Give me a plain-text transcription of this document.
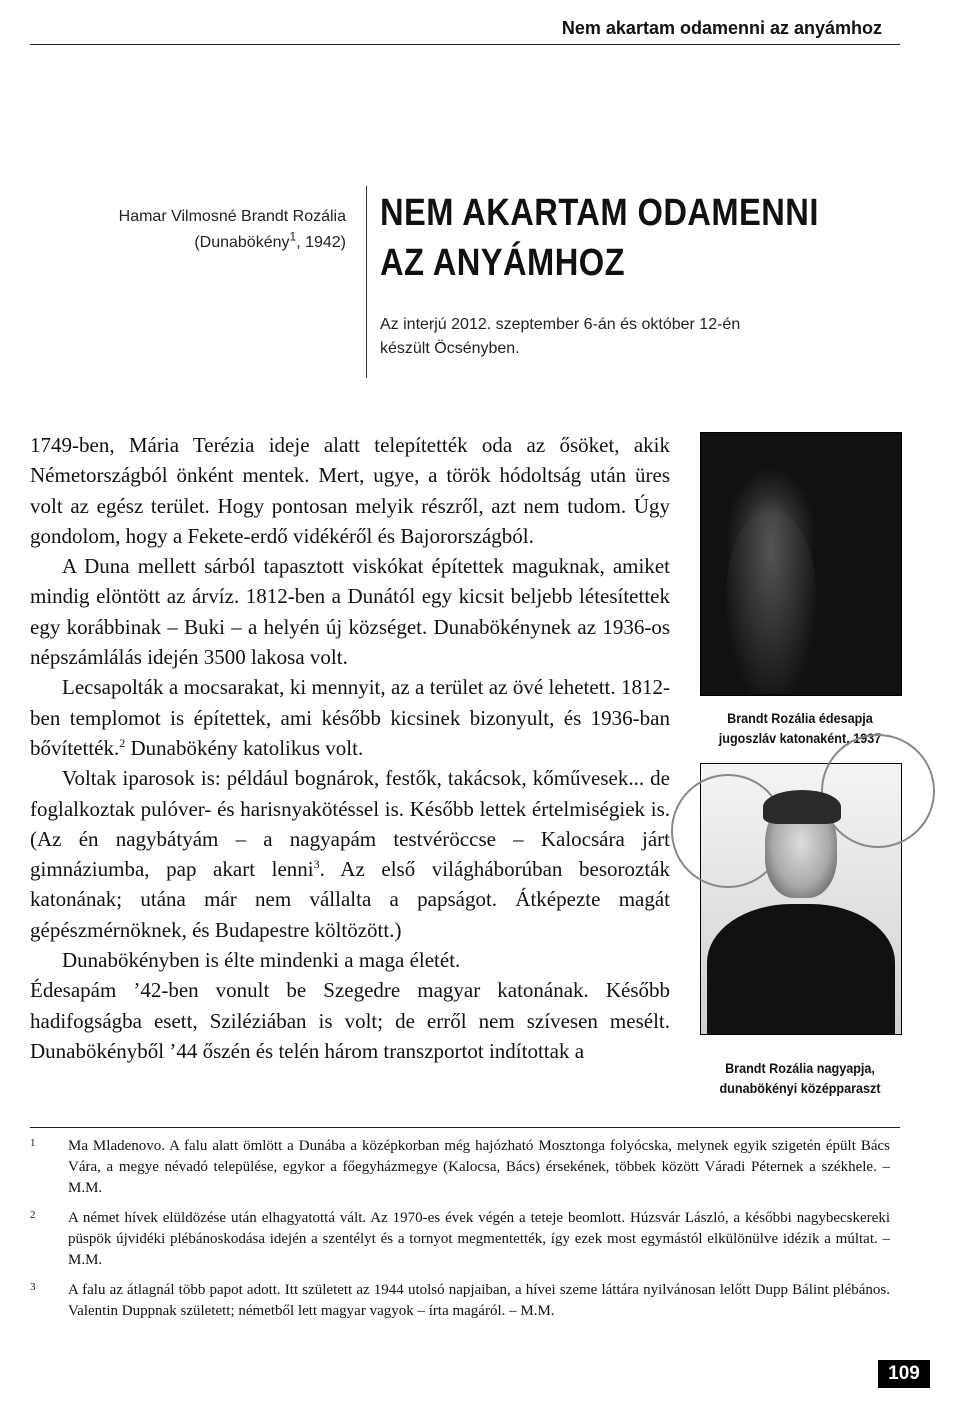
Nem akartam odamenni az anyámhoz
Hamar Vilmosné Brandt Rozália
(Dunabökény$^1$, 1942)
NEM AKARTAM ODAMENNI
AZ ANYÁMHOZ
Az interjú 2012. szeptember 6-án és október 12-én
készült Öcsényben.

1749-ben, Mária Terézia ideje alatt telepítették oda az ősöket, akik Németországból önként mentek. Mert, ugye, a török hódoltság után üres volt az egész terület. Hogy pontosan melyik részről, azt nem tudom. Úgy gondolom, hogy a Fekete-erdő vidékéről és Bajorországból.

A Duna mellett sárból tapasztott viskókat építettek maguknak, amiket mindig elöntött az árvíz. 1812-ben a Dunától egy kicsit beljebb létesítettek egy korábbinak – Buki – a helyén új községet. Dunabökénynek az 1936-os népszámlálás idején 3500 lakosa volt.

Lecsapolták a mocsarakat, ki mennyit, az a terület az övé lehetett. 1812-ben templomot is építettek, ami később kicsinek bizonyult, és 1936-ban bővítették.$^2$ Dunabökény katolikus volt.

Voltak iparosok is: például bognárok, festők, takácsok, kőművesek... de foglalkoztak pulóver- és harisnyakötéssel is. Később lettek értelmiségiek is. (Az én nagybátyám – a nagyapám testvéröccse – Kalocsára járt gimnáziumba, pap akart lenni$^3$. Az első világháborúban besorozták katonának; utána már nem vállalta a papságot. Átképezte magát gépészmérnöknek, és Budapestre költözött.)

Dunabökényben is élte mindenki a maga életét.

Édesapám ’42-ben vonult be Szegedre magyar katonának. Később hadifogságba esett, Sziléziában is volt; de erről nem szívesen mesélt. Dunabökényből ’44 őszén és telén három transzportot indítottak a

Brandt Rozália édesapja
jugoszláv katonaként, 1937
Brandt Rozália nagyapja,
dunabökényi középparaszt
1 Ma Mladenovo. A falu alatt ömlött a Dunába a középkorban még hajózható Mosztonga folyócska, melynek egyik szigetén épült Bács Vára, a megye névadó települése, egykor a főegyházmegye (Kalocsa, Bács) érsekének, többek között Váradi Péternek a székhele. – M.M.
2 A német hívek elüldözése után elhagyatottá vált. Az 1970-es évek végén a teteje beomlott. Húzsvár László, a későbbi nagybecskereki püspök újvidéki plébánoskodása idején a szentélyt és a tornyot megmentették, így ezek most egymástól elkülönülve idézik a múltat. – M.M.
3 A falu az átlagnál több papot adott. Itt született az 1944 utolsó napjaiban, a hívei szeme láttára nyilvánosan lelőtt Dupp Bálint plébános. Valentin Duppnak született; németből lett magyar vagyok – írta magáról. – M.M.
109
